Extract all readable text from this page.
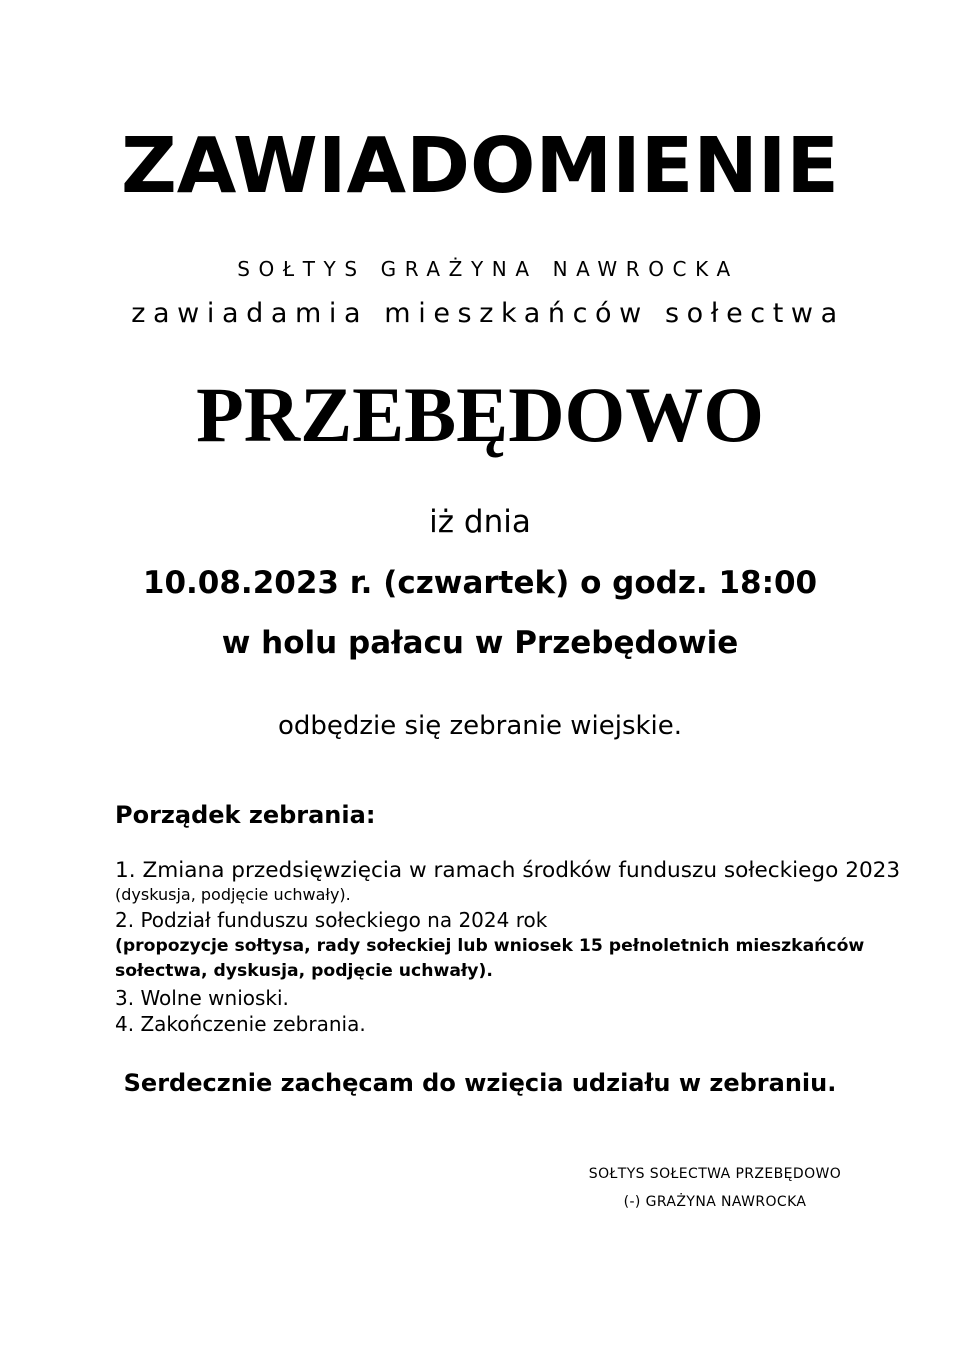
ZAWIADOMIENIE
SOŁTYS GRAŻYNA NAWROCKA
zawiadamia mieszkańców sołectwa
PRZEBĘDOWO
iż dnia
10.08.2023 r. (czwartek) o godz. 18:00
w holu pałacu w Przebędowie
odbędzie się zebranie wiejskie.
Porządek zebrania:
1. Zmiana przedsięwzięcia w ramach środków funduszu sołeckiego 2023
(dyskusja, podjęcie uchwały).
2. Podział funduszu sołeckiego na 2024 rok
(propozycje sołtysa, rady sołeckiej lub wniosek 15 pełnoletnich mieszkańców sołectwa, dyskusja, podjęcie uchwały).
3. Wolne wnioski.
4. Zakończenie zebrania.
Serdecznie zachęcam do wzięcia udziału w zebraniu.
SOŁTYS SOŁECTWA PRZEBĘDOWO
(-) GRAŻYNA NAWROCKA
